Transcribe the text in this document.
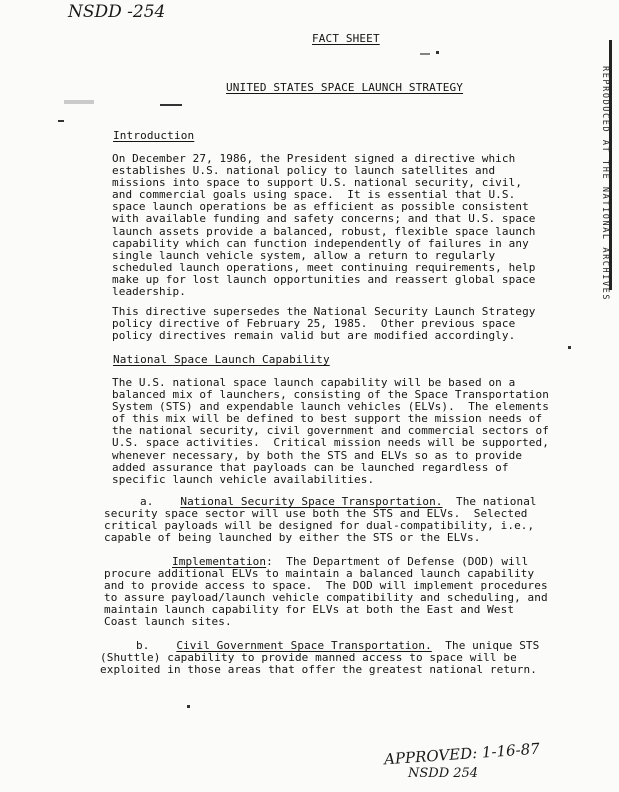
NSDD -254
REPRODUCED AT THE NATIONAL ARCHIVES
FACT SHEET
UNITED STATES SPACE LAUNCH STRATEGY
Introduction
On December 27, 1986, the President signed a directive which
establishes U.S. national policy to launch satellites and
missions into space to support U.S. national security, civil,
and commercial goals using space.  It is essential that U.S.
space launch operations be as efficient as possible consistent
with available funding and safety concerns; and that U.S. space
launch assets provide a balanced, robust, flexible space launch
capability which can function independently of failures in any
single launch vehicle system, allow a return to regularly
scheduled launch operations, meet continuing requirements, help
make up for lost launch opportunities and reassert global space
leadership.
This directive supersedes the National Security Launch Strategy
policy directive of February 25, 1985.  Other previous space
policy directives remain valid but are modified accordingly.
National Space Launch Capability
The U.S. national space launch capability will be based on a
balanced mix of launchers, consisting of the Space Transportation
System (STS) and expendable launch vehicles (ELVs).  The elements
of this mix will be defined to best support the mission needs of
the national security, civil government and commercial sectors of
U.S. space activities.  Critical mission needs will be supported,
whenever necessary, by both the STS and ELVs so as to provide
added assurance that payloads can be launched regardless of
specific launch vehicle availabilities.
a. National Security Space Transportation.  The national
security space sector will use both the STS and ELVs.  Selected
critical payloads will be designed for dual-compatibility, i.e.,
capable of being launched by either the STS or the ELVs.
Implementation:  The Department of Defense (DOD) will
procure additional ELVs to maintain a balanced launch capability
and to provide access to space.  The DOD will implement procedures
to assure payload/launch vehicle compatibility and scheduling, and
maintain launch capability for ELVs at both the East and West
Coast launch sites.
b. Civil Government Space Transportation.  The unique STS
(Shuttle) capability to provide manned access to space will be
exploited in those areas that offer the greatest national return.
APPROVED: 1-16-87
NSDD 254
